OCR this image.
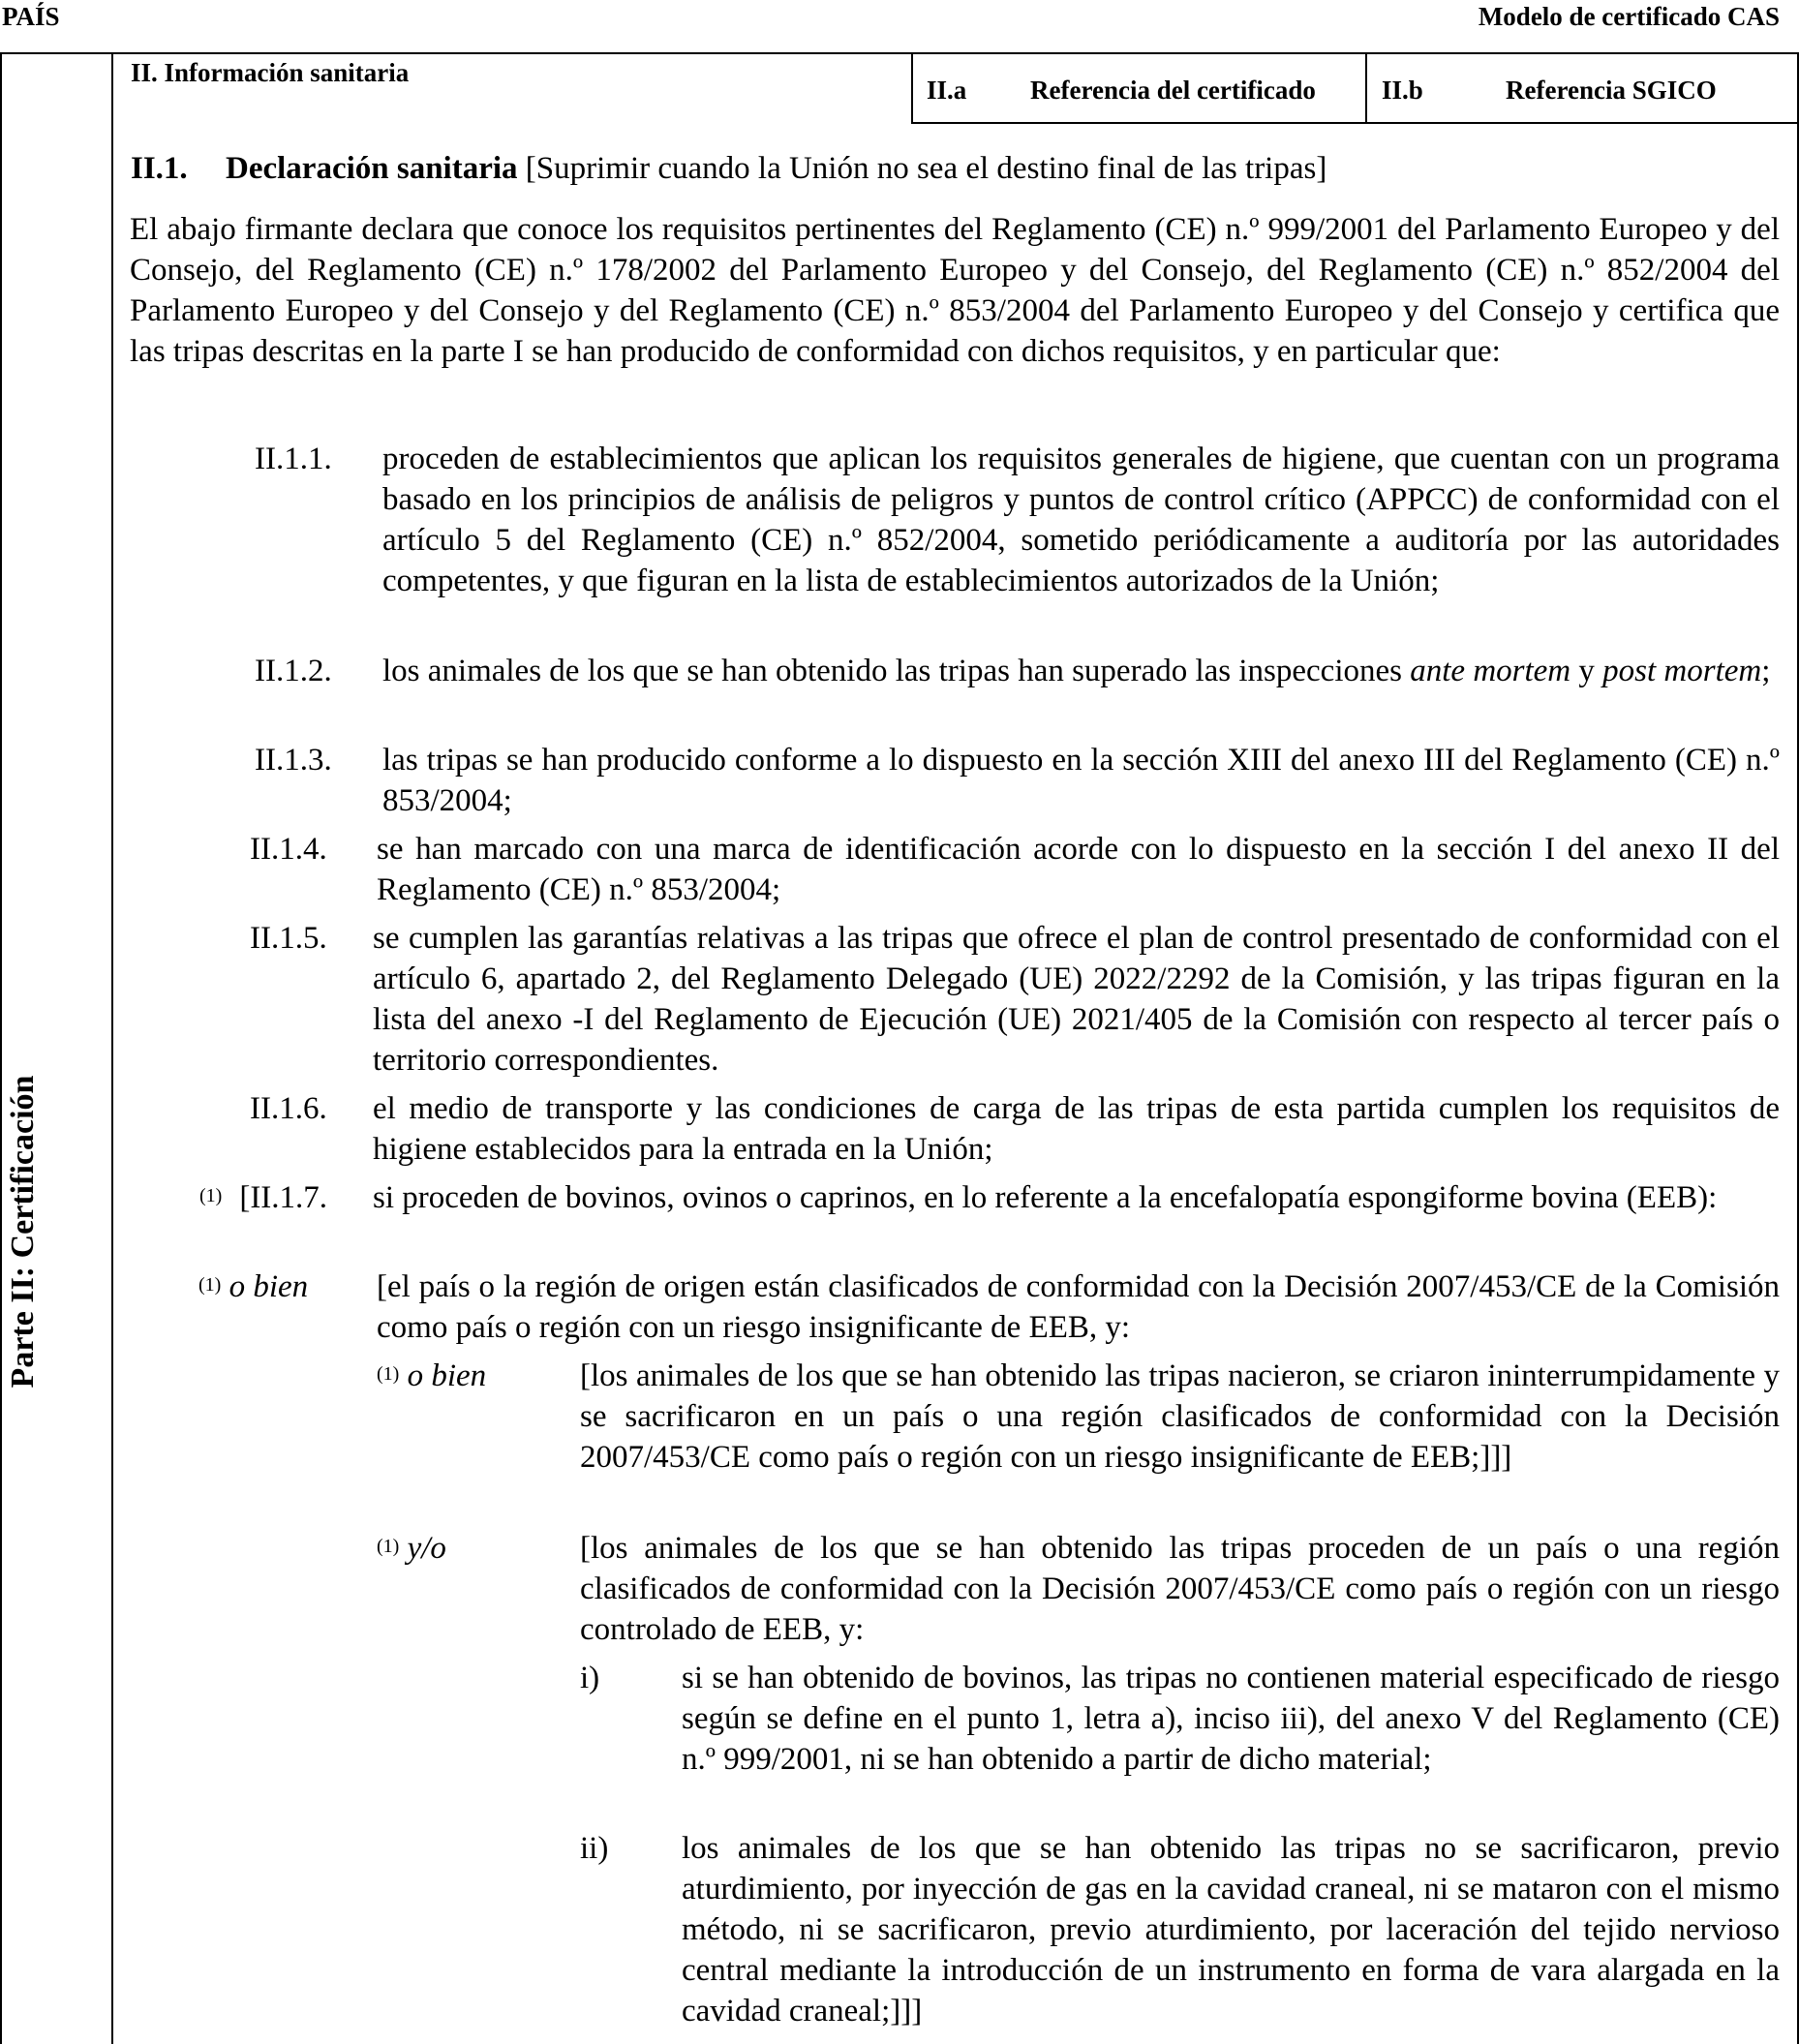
PAÍS	Modelo de certificado CAS
Parte II: Certificación
II. Información sanitaria
II.a Referencia del certificado	II.b	Referencia SGICO
II.1. Declaración sanitaria [Suprimir cuando la Unión no sea el destino final de las tripas]
El abajo firmante declara que conoce los requisitos pertinentes del Reglamento (CE) n.º 999/2001 del Parlamento Europeo y del Consejo, del Reglamento (CE) n.º 178/2002 del Parlamento Europeo y del Consejo, del Reglamento (CE) n.º 852/2004 del Parlamento Europeo y del Consejo y del Reglamento (CE) n.º 853/2004 del Parlamento Europeo y del Consejo y certifica que las tripas descritas en la parte I se han producido de conformidad con dichos requisitos, y en particular que:
II.1.1. proceden de establecimientos que aplican los requisitos generales de higiene, que cuentan con un programa basado en los principios de análisis de peligros y puntos de control crítico (APPCC) de conformidad con el artículo 5 del Reglamento (CE) n.º 852/2004, sometido periódicamente a auditoría por las autoridades competentes, y que figuran en la lista de establecimientos autorizados de la Unión;
II.1.2. los animales de los que se han obtenido las tripas han superado las inspecciones ante mortem y post mortem;
II.1.3. las tripas se han producido conforme a lo dispuesto en la sección XIII del anexo III del Reglamento (CE) n.º 853/2004;
II.1.4. se han marcado con una marca de identificación acorde con lo dispuesto en la sección I del anexo II del Reglamento (CE) n.º 853/2004;
II.1.5. se cumplen las garantías relativas a las tripas que ofrece el plan de control presentado de conformidad con el artículo 6, apartado 2, del Reglamento Delegado (UE) 2022/2292 de la Comisión, y las tripas figuran en la lista del anexo -I del Reglamento de Ejecución (UE) 2021/405 de la Comisión con respecto al tercer país o territorio correspondientes.
II.1.6. el medio de transporte y las condiciones de carga de las tripas de esta partida cumplen los requisitos de higiene establecidos para la entrada en la Unión;
$^{(1)}$ [II.1.7. si proceden de bovinos, ovinos o caprinos, en lo referente a la encefalopatía espongiforme bovina (EEB):
$^{(1)}$ o bien [el país o la región de origen están clasificados de conformidad con la Decisión 2007/453/CE de la Comisión como país o región con un riesgo insignificante de EEB, y:
$^{(1)}$ o bien	[los animales de los que se han obtenido las tripas nacieron, se criaron ininterrumpidamente y se sacrificaron en un país o una región clasificados de conformidad con la Decisión 2007/453/CE como país o región con un riesgo insignificante de EEB;]]]
$^{(1)}$ y/o	[los animales de los que se han obtenido las tripas proceden de un país o una región clasificados de conformidad con la Decisión 2007/453/CE como país o región con un riesgo controlado de EEB, y:
i)	si se han obtenido de bovinos, las tripas no contienen material especificado de riesgo según se define en el punto 1, letra a), inciso iii), del anexo V del Reglamento (CE) n.º 999/2001, ni se han obtenido a partir de dicho material;
ii) los animales de los que se han obtenido las tripas no se sacrificaron, previo aturdimiento, por inyección de gas en la cavidad craneal, ni se mataron con el mismo método, ni se sacrificaron, previo aturdimiento, por laceración del tejido nervioso central mediante la introducción de un instrumento en forma de vara alargada en la cavidad craneal;]]]
